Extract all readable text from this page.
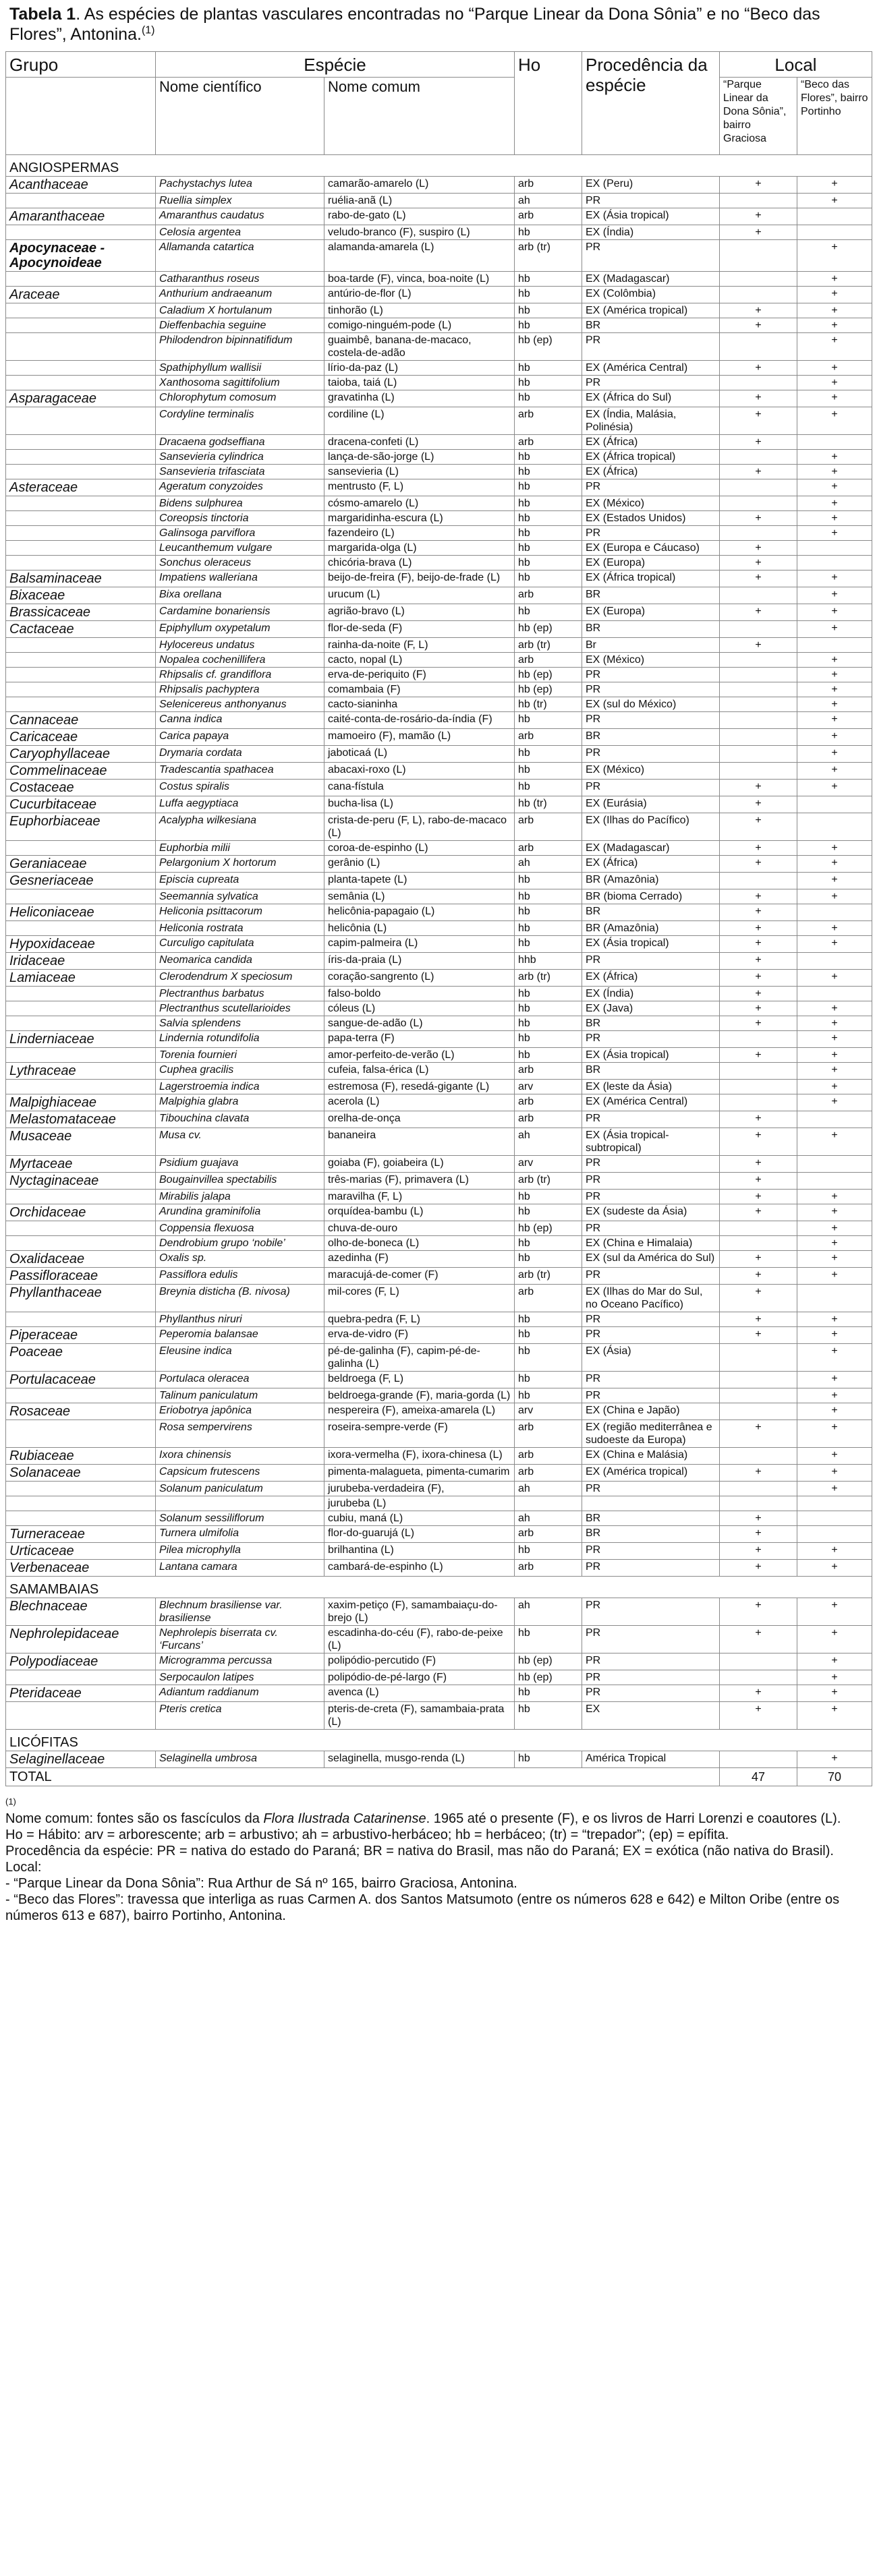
Tabela 1. As espécies de plantas vasculares encontradas no “Parque Linear da Dona Sônia” e no “Beco das Flores”, Antonina.$^{(1)}$
Grupo	Espécie		Ho	Procedência da espécie	Local	
	Nome científico	Nome comum			“Parque Linear da Dona Sônia”, bairro Graciosa	“Beco das Flores”, bairro Portinho
ANGIOSPERMAS						
Acanthaceae	Pachystachys lutea	camarão-amarelo (L)	arb	EX (Peru)	+	+
	Ruellia simplex	ruélia-anã (L)	ah	PR		+
Amaranthaceae	Amaranthus caudatus	rabo-de-gato (L)	arb	EX (Ásia tropical)	+	
	Celosia argentea	veludo-branco (F), suspiro (L)	hb	EX (Índia)	+	
Apocynaceae - Apocynoideae	Allamanda catartica	alamanda-amarela (L)	arb (tr)	PR		+
	Catharanthus roseus	boa-tarde (F), vinca, boa-noite (L)	hb	EX (Madagascar)		+
Araceae	Anthurium andraeanum	antúrio-de-flor (L)	hb	EX (Colômbia)		+
	Caladium X hortulanum	tinhorão (L)	hb	EX (América tropical)	+	+
	Dieffenbachia seguine	comigo-ninguém-pode (L)	hb	BR	+	+
	Philodendron bipinnatifidum	guaimbê, banana-de-macaco, costela-de-adão	hb (ep)	PR		+
	Spathiphyllum wallisii	lírio-da-paz (L)	hb	EX (América Central)	+	+
	Xanthosoma sagittifolium	taioba, taiá (L)	hb	PR		+
Asparagaceae	Chlorophytum comosum	gravatinha (L)	hb	EX (África do Sul)	+	+
	Cordyline terminalis	cordiline (L)	arb	EX (Índia, Malásia, Polinésia)	+	+
	Dracaena godseffiana	dracena-confeti (L)	arb	EX (África)	+	
	Sansevieria cylindrica	lança-de-são-jorge (L)	hb	EX (África tropical)		+
	Sansevieria trifasciata	sansevieria (L)	hb	EX (África)	+	+
Asteraceae	Ageratum conyzoides	mentrusto (F, L)	hb	PR		+
	Bidens sulphurea	cósmo-amarelo (L)	hb	EX (México)		+
	Coreopsis tinctoria	margaridinha-escura (L)	hb	EX (Estados Unidos)	+	+
	Galinsoga parviflora	fazendeiro (L)	hb	PR		+
	Leucanthemum vulgare	margarida-olga (L)	hb	EX (Europa e Cáucaso)	+	
	Sonchus oleraceus	chicória-brava (L)	hb	EX (Europa)	+	
Balsaminaceae	Impatiens walleriana	beijo-de-freira (F), beijo-de-frade (L)	hb	EX (África tropical)	+	+
Bixaceae	Bixa orellana	urucum (L)	arb	BR		+
Brassicaceae	Cardamine bonariensis	agrião-bravo (L)	hb	EX (Europa)	+	+
Cactaceae	Epiphyllum oxypetalum	flor-de-seda (F)	hb (ep)	BR		+
	Hylocereus undatus	rainha-da-noite (F, L)	arb (tr)	Br	+	
	Nopalea cochenillifera	cacto, nopal (L)	arb	EX (México)		+
	Rhipsalis cf. grandiflora	erva-de-periquito (F)	hb (ep)	PR		+
	Rhipsalis pachyptera	comambaia (F)	hb (ep)	PR		+
	Selenicereus anthonyanus	cacto-sianinha	hb (tr)	EX (sul do México)		+
Cannaceae	Canna indica	caité-conta-de-rosário-da-índia (F)	hb	PR		+
Caricaceae	Carica papaya	mamoeiro (F), mamão (L)	arb	BR		+
Caryophyllaceae	Drymaria cordata	jaboticaá (L)	hb	PR		+
Commelinaceae	Tradescantia spathacea	abacaxi-roxo (L)	hb	EX (México)		+
Costaceae	Costus spiralis	cana-fístula	hb	PR	+	+
Cucurbitaceae	Luffa aegyptiaca	bucha-lisa (L)	hb (tr)	EX (Eurásia)	+	
Euphorbiaceae	Acalypha wilkesiana	crista-de-peru (F, L), rabo-de-macaco (L)	arb	EX (Ilhas do Pacífico)	+	
	Euphorbia milii	coroa-de-espinho (L)	arb	EX (Madagascar)	+	+
Geraniaceae	Pelargonium X hortorum	gerânio (L)	ah	EX (África)	+	+
Gesneriaceae	Episcia cupreata	planta-tapete (L)	hb	BR (Amazônia)		+
	Seemannia sylvatica	semânia (L)	hb	BR (bioma Cerrado)	+	+
Heliconiaceae	Heliconia psittacorum	helicônia-papagaio (L)	hb	BR	+	
	Heliconia rostrata	helicônia (L)	hb	BR (Amazônia)	+	+
Hypoxidaceae	Curculigo capitulata	capim-palmeira (L)	hb	EX (Ásia tropical)	+	+
Iridaceae	Neomarica candida	íris-da-praia (L)	hhb	PR	+	
Lamiaceae	Clerodendrum X speciosum	coração-sangrento (L)	arb (tr)	EX (África)	+	+
	Plectranthus barbatus	falso-boldo	hb	EX (Índia)	+	
	Plectranthus scutellarioides	cóleus (L)	hb	EX (Java)	+	+
	Salvia splendens	sangue-de-adão (L)	hb	BR	+	+
Linderniaceae	Lindernia rotundifolia	papa-terra (F)	hb	PR		+
	Torenia fournieri	amor-perfeito-de-verão (L)	hb	EX (Ásia tropical)	+	+
Lythraceae	Cuphea gracilis	cufeia, falsa-érica (L)	arb	BR		+
	Lagerstroemia indica	estremosa (F), resedá-gigante (L)	arv	EX (leste da Ásia)		+
Malpighiaceae	Malpighia glabra	acerola (L)	arb	EX (América Central)		+
Melastomataceae	Tibouchina clavata	orelha-de-onça	arb	PR	+	
Musaceae	Musa cv.	bananeira	ah	EX (Ásia tropical-subtropical)	+	+
Myrtaceae	Psidium guajava	goiaba (F), goiabeira (L)	arv	PR	+	
Nyctaginaceae	Bougainvillea spectabilis	três-marias (F), primavera (L)	arb (tr)	PR	+	
	Mirabilis jalapa	maravilha (F, L)	hb	PR	+	+
Orchidaceae	Arundina graminifolia	orquídea-bambu (L)	hb	EX (sudeste da Ásia)	+	+
	Coppensia flexuosa	chuva-de-ouro	hb (ep)	PR		+
	Dendrobium grupo ‘nobile’	olho-de-boneca (L)	hb	EX (China e Himalaia)		+
Oxalidaceae	Oxalis sp.	azedinha (F)	hb	EX (sul da América do Sul)	+	+
Passifloraceae	Passiflora edulis	maracujá-de-comer (F)	arb (tr)	PR	+	+
Phyllanthaceae	Breynia disticha (B. nivosa)	mil-cores (F, L)	arb	EX (Ilhas do Mar do Sul, no Oceano Pacífico)	+	
	Phyllanthus niruri	quebra-pedra (F, L)	hb	PR	+	+
Piperaceae	Peperomia balansae	erva-de-vidro (F)	hb	PR	+	+
Poaceae	Eleusine indica	pé-de-galinha (F), capim-pé-de-galinha (L)	hb	EX (Ásia)		+
Portulacaceae	Portulaca oleracea	beldroega (F, L)	hb	PR		+
	Talinum paniculatum	beldroega-grande (F), maria-gorda (L)	hb	PR		+
Rosaceae	Eriobotrya japônica	nespereira (F), ameixa-amarela (L)	arv	EX (China e Japão)		+
	Rosa sempervirens	roseira-sempre-verde (F)	arb	EX (região mediterrânea e sudoeste da Europa)	+	+
Rubiaceae	Ixora chinensis	ixora-vermelha (F), ixora-chinesa (L)	arb	EX (China e Malásia)		+
Solanaceae	Capsicum frutescens	pimenta-malagueta, pimenta-cumarim	arb	EX (América tropical)	+	+
	Solanum paniculatum	jurubeba-verdadeira (F),	ah	PR		+
		jurubeba (L)				
	Solanum sessiliflorum	cubiu, maná (L)	ah	BR	+	
Turneraceae	Turnera ulmifolia	flor-do-guarujá (L)	arb	BR	+	
Urticaceae	Pilea microphylla	brilhantina (L)	hb	PR	+	+
Verbenaceae	Lantana camara	cambará-de-espinho (L)	arb	PR	+	+
SAMAMBAIAS						
Blechnaceae	Blechnum brasiliense var. brasiliense	xaxim-petiço (F), samambaiaçu-do-brejo (L)	ah	PR	+	+
Nephrolepidaceae	Nephrolepis biserrata cv. ‘Furcans’	escadinha-do-céu (F), rabo-de-peixe (L)	hb	PR	+	+
Polypodiaceae	Microgramma percussa	polipódio-percutido (F)	hb (ep)	PR		+
	Serpocaulon latipes	polipódio-de-pé-largo (F)	hb (ep)	PR		+
Pteridaceae	Adiantum raddianum	avenca (L)	hb	PR	+	+
	Pteris cretica	pteris-de-creta (F), samambaia-prata (L)	hb	EX	+	+
LICÓFITAS						
Selaginellaceae	Selaginella umbrosa	selaginella, musgo-renda (L)	hb	América Tropical		+
TOTAL					47	70
(1)

Nome comum: fontes são os fascículos da Flora Ilustrada Catarinense. 1965 até o presente (F), e os livros de Harri Lorenzi e coautores (L).

Ho = Hábito: arv = arborescente; arb = arbustivo; ah = arbustivo-herbáceo; hb = herbáceo; (tr) = “trepador”; (ep) = epífita.

Procedência da espécie: PR = nativa do estado do Paraná; BR = nativa do Brasil, mas não do Paraná; EX = exótica (não nativa do Brasil).

Local:

- “Parque Linear da Dona Sônia”: Rua Arthur de Sá nº 165, bairro Graciosa, Antonina.

- “Beco das Flores”: travessa que interliga as ruas Carmen A. dos Santos Matsumoto (entre os números 628 e 642) e Milton Oribe (entre os números 613 e 687), bairro Portinho, Antonina.
